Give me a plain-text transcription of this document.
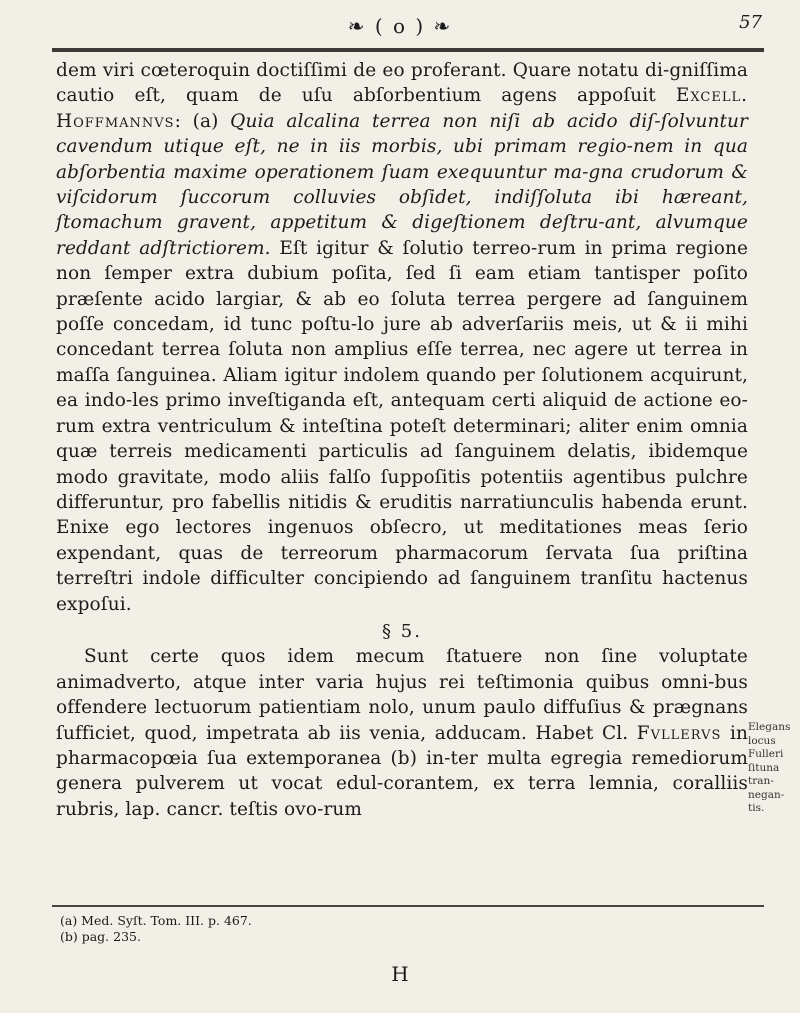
❧ ( o ) ❧	57

dem viri cœteroquin doctiſſimi de eo proferant. Quare notatu di-gniſſima cautio eſt, quam de uſu abſorbentium agens appoſuit Excell. Hoffmannvs: (a) Quia alcalina terrea non niſi ab acido diſ-ſolvuntur cavendum utique eſt, ne in iis morbis, ubi primam regio-nem in qua abſorbentia maxime operationem ſuam exequuntur ma-gna crudorum & viſcidorum ſuccorum colluvies obſidet, indiſſoluta ibi hæreant, ſtomachum gravent, appetitum & digeſtionem deſtru-ant, alvumque reddant adſtrictiorem. Eſt igitur & ſolutio terreo-rum in prima regione non ſemper extra dubium poſita, ſed ſi eam etiam tantisper poſito præſente acido largiar, & ab eo ſoluta terrea pergere ad ſanguinem poſſe concedam, id tunc poſtu-lo jure ab adverſariis meis, ut & ii mihi concedant terrea ſoluta non amplius eſſe terrea, nec agere ut terrea in maſſa ſanguinea. Aliam igitur indolem quando per ſolutionem acquirunt, ea indo-les primo inveſtiganda eſt, antequam certi aliquid de actione eo-rum extra ventriculum & inteſtina poteſt determinari; aliter enim omnia quæ terreis medicamenti particulis ad ſanguinem delatis, ibidemque modo gravitate, modo aliis falſo ſuppoſitis potentiis agentibus pulchre differuntur, pro fabellis nitidis & eruditis narratiunculis habenda erunt. Enixe ego lectores ingenuos obſecro, ut meditationes meas ſerio expendant, quas de terreorum pharmacorum ſervata ſua priſtina terreſtri indole difficulter concipiendo ad ſanguinem tranſitu hactenus expoſui.

§ 5.

Sunt certe quos idem mecum ſtatuere non ſine voluptate animadverto, atque inter varia hujus rei teſtimonia quibus omni-bus offendere lectuorum patientiam nolo, unum paulo diffuſius & prægnans ſufficiet, quod, impetrata ab iis venia, adducam. Habet Cl. Fvllervs in pharmacopœia ſua extemporanea (b) in-ter multa egregia remediorum genera pulverem ut vocat edul-corantem, ex terra lemnia, coralliis rubris, lap. cancr. teſtis ovo-rum

Elegans locus Fulleri ſituna tran-negan-tis.
(a) Med. Syſt. Tom. III. p. 467.
(b) pag. 235.
H
